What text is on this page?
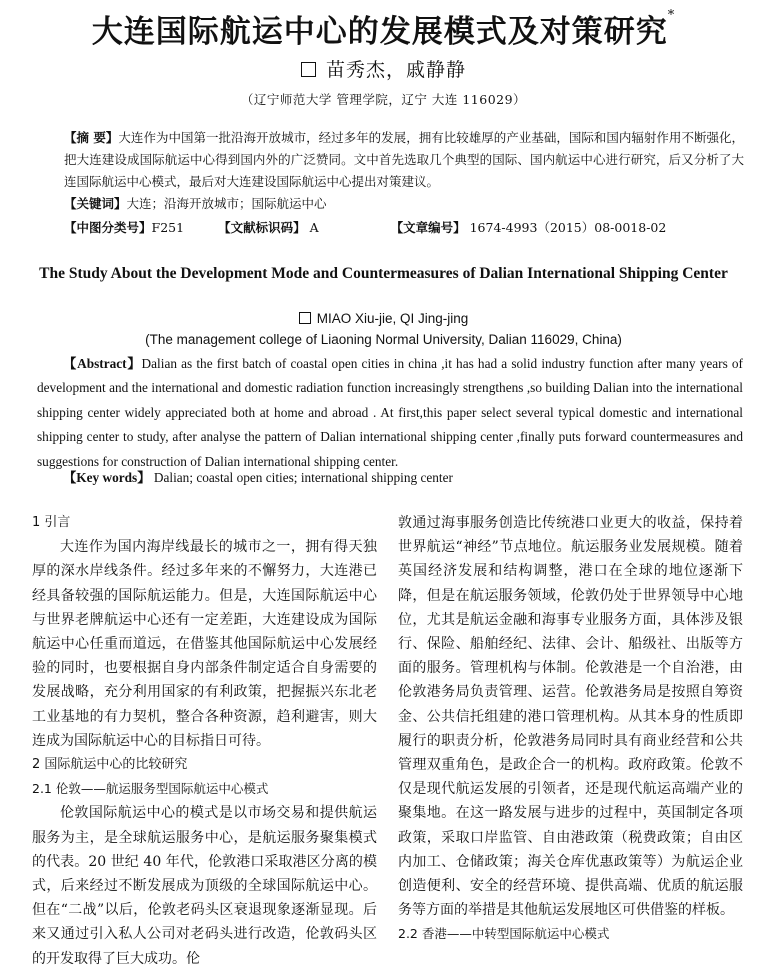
大连国际航运中心的发展模式及对策研究*
苗秀杰，戚静静
（辽宁师范大学 管理学院，辽宁 大连 116029）
【摘 要】大连作为中国第一批沿海开放城市，经过多年的发展，拥有比较雄厚的产业基础，国际和国内辐射作用不断强化，把大连建设成国际航运中心得到国内外的广泛赞同。文中首先选取几个典型的国际、国内航运中心进行研究，后又分析了大连国际航运中心模式，最后对大连建设国际航运中心提出对策建议。
【关键词】大连；沿海开放城市；国际航运中心
【中图分类号】F251	【文献标识码】 A	【文章编号】 1674-4993（2015）08-0018-02
The Study About the Development Mode and Countermeasures of Dalian International Shipping Center
MIAO Xiu-jie, QI Jing-jing
(The management college of Liaoning Normal University, Dalian 116029, China)
【Abstract】Dalian as the first batch of coastal open cities in china ,it has had a solid industry function after many years of development and the international and domestic radiation function increasingly strengthens ,so building Dalian into the international shipping center widely appreciated both at home and abroad . At first,this paper select several typical domestic and international shipping center to study, after analyse the pattern of Dalian international shipping center ,finally puts forward countermeasures and suggestions for construction of Dalian international shipping center.
【Key words】 Dalian; coastal open cities; international shipping center

1 引言

大连作为国内海岸线最长的城市之一，拥有得天独厚的深水岸线条件。经过多年来的不懈努力，大连港已经具备较强的国际航运能力。但是，大连国际航运中心与世界老牌航运中心还有一定差距，大连建设成为国际航运中心任重而道远，在借鉴其他国际航运中心发展经验的同时，也要根据自身内部条件制定适合自身需要的发展战略，充分利用国家的有利政策，把握振兴东北老工业基地的有力契机，整合各种资源，趋利避害，则大连成为国际航运中心的目标指日可待。

2 国际航运中心的比较研究

2.1 伦敦——航运服务型国际航运中心模式

伦敦国际航运中心的模式是以市场交易和提供航运服务为主，是全球航运服务中心，是航运服务聚集模式的代表。20 世纪 40 年代，伦敦港口采取港区分离的模式，后来经过不断发展成为顶级的全球国际航运中心。但在“二战”以后，伦敦老码头区衰退现象逐渐显现。后来又通过引入私人公司对老码头进行改造，伦敦码头区的开发取得了巨大成功。伦

敦通过海事服务创造比传统港口业更大的收益，保持着世界航运“神经”节点地位。航运服务业发展规模。随着英国经济发展和结构调整，港口在全球的地位逐渐下降，但是在航运服务领域，伦敦仍处于世界领导中心地位，尤其是航运金融和海事专业服务方面，具体涉及银行、保险、船舶经纪、法律、会计、船级社、出版等方面的服务。管理机构与体制。伦敦港是一个自治港，由伦敦港务局负责管理、运营。伦敦港务局是按照自筹资金、公共信托组建的港口管理机构。从其本身的性质即履行的职责分析，伦敦港务局同时具有商业经营和公共管理双重角色，是政企合一的机构。政府政策。伦敦不仅是现代航运发展的引领者，还是现代航运高端产业的聚集地。在这一路发展与进步的过程中，英国制定各项政策，采取口岸监管、自由港政策（税费政策；自由区内加工、仓储政策；海关仓库优惠政策等）为航运企业创造便利、安全的经营环境、提供高端、优质的航运服务等方面的举措是其他航运发展地区可供借鉴的样板。

2.2 香港——中转型国际航运中心模式
